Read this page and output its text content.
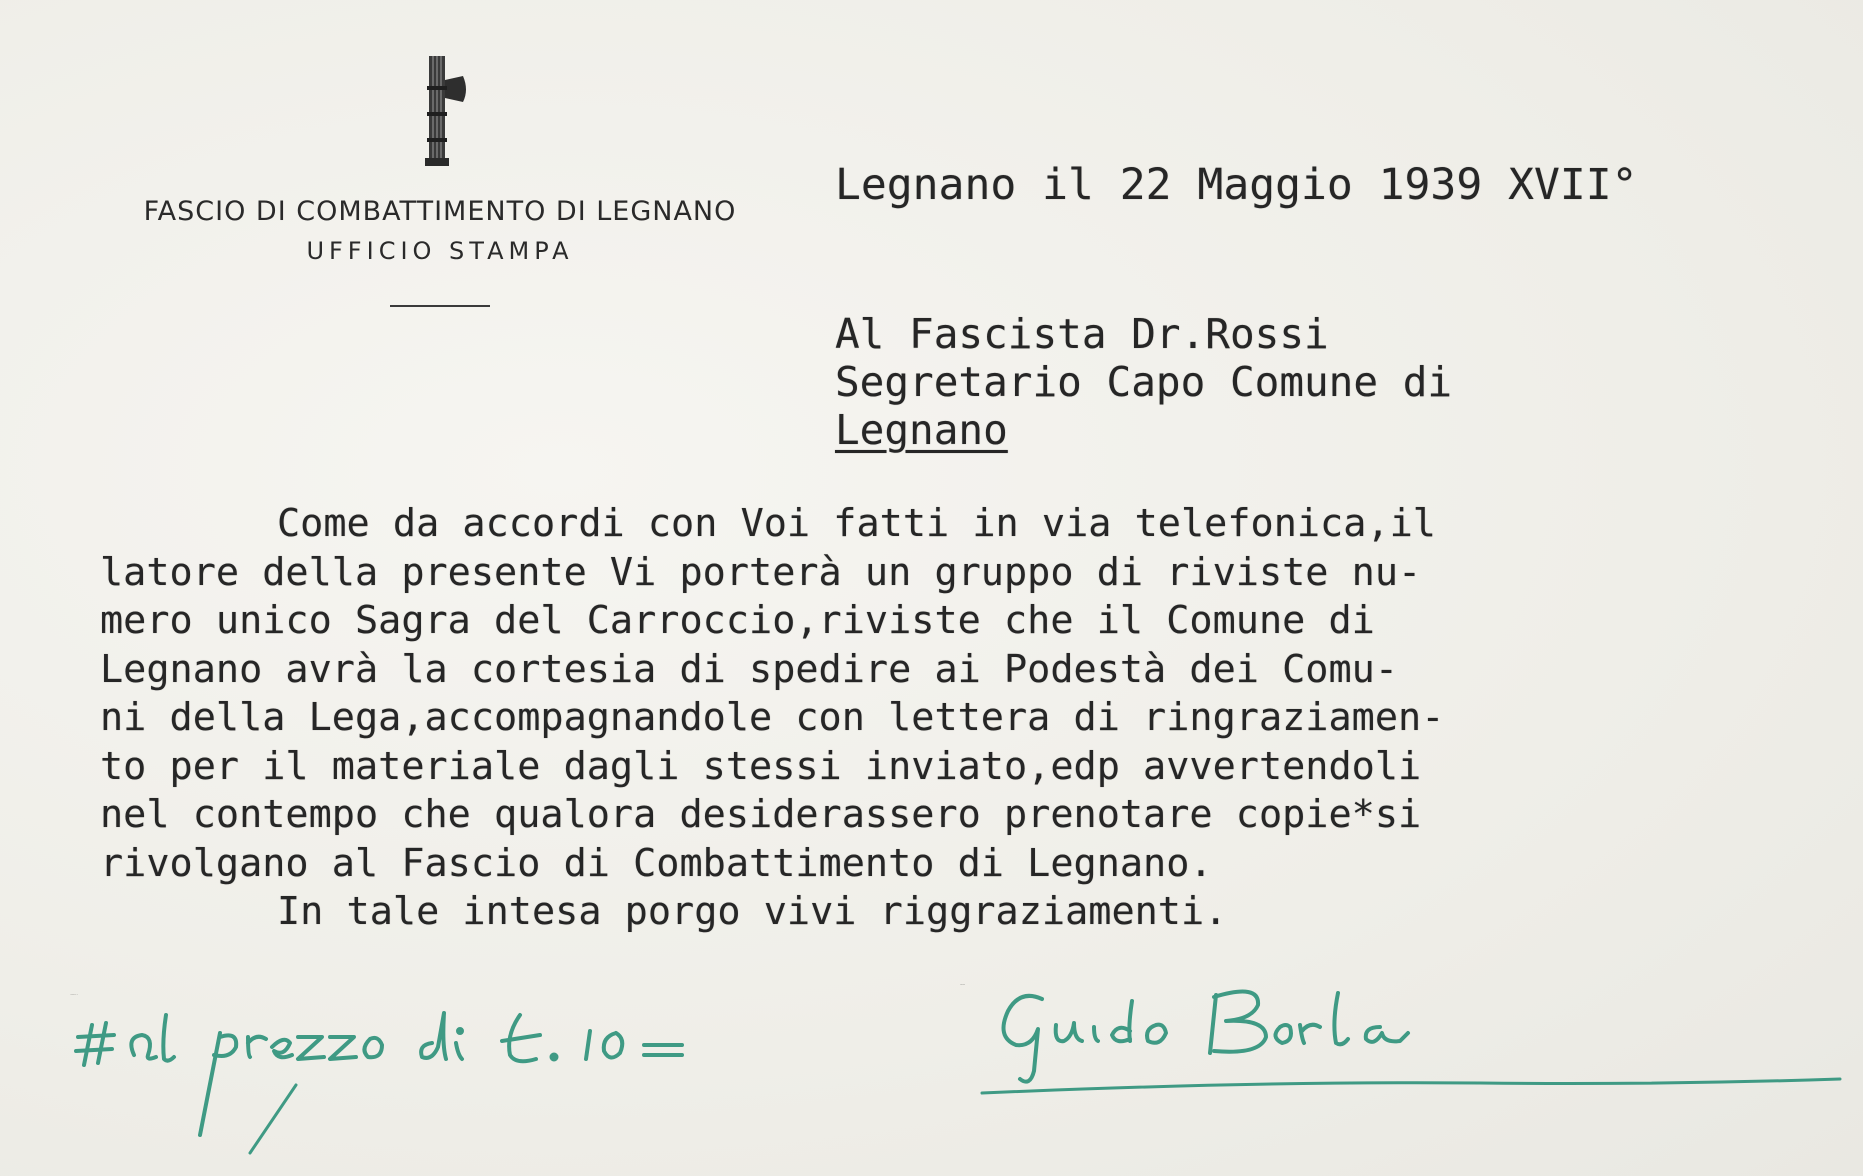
FASCIO DI COMBATTIMENTO DI LEGNANO
UFFICIO STAMPA
Legnano il 22 Maggio 1939 XVII°
Al Fascista Dr.Rossi
Segretario Capo Comune di
Legnano
Come da accordi con Voi fatti in via telefonica,il
latore della presente Vi porterà un gruppo di riviste nu-
mero unico Sagra del Carroccio,riviste che il Comune di
Legnano avrà la cortesia di spedire ai Podestà dei Comu-
ni della Lega,accompagnandole con lettera di ringraziamen-
to per il materiale dagli stessi inviato,edp avvertendoli
nel contempo che qualora desiderassero prenotare copie*si
rivolgano al Fascio di Combattimento di Legnano.
In tale intesa porgo vivi riggraziamenti.
